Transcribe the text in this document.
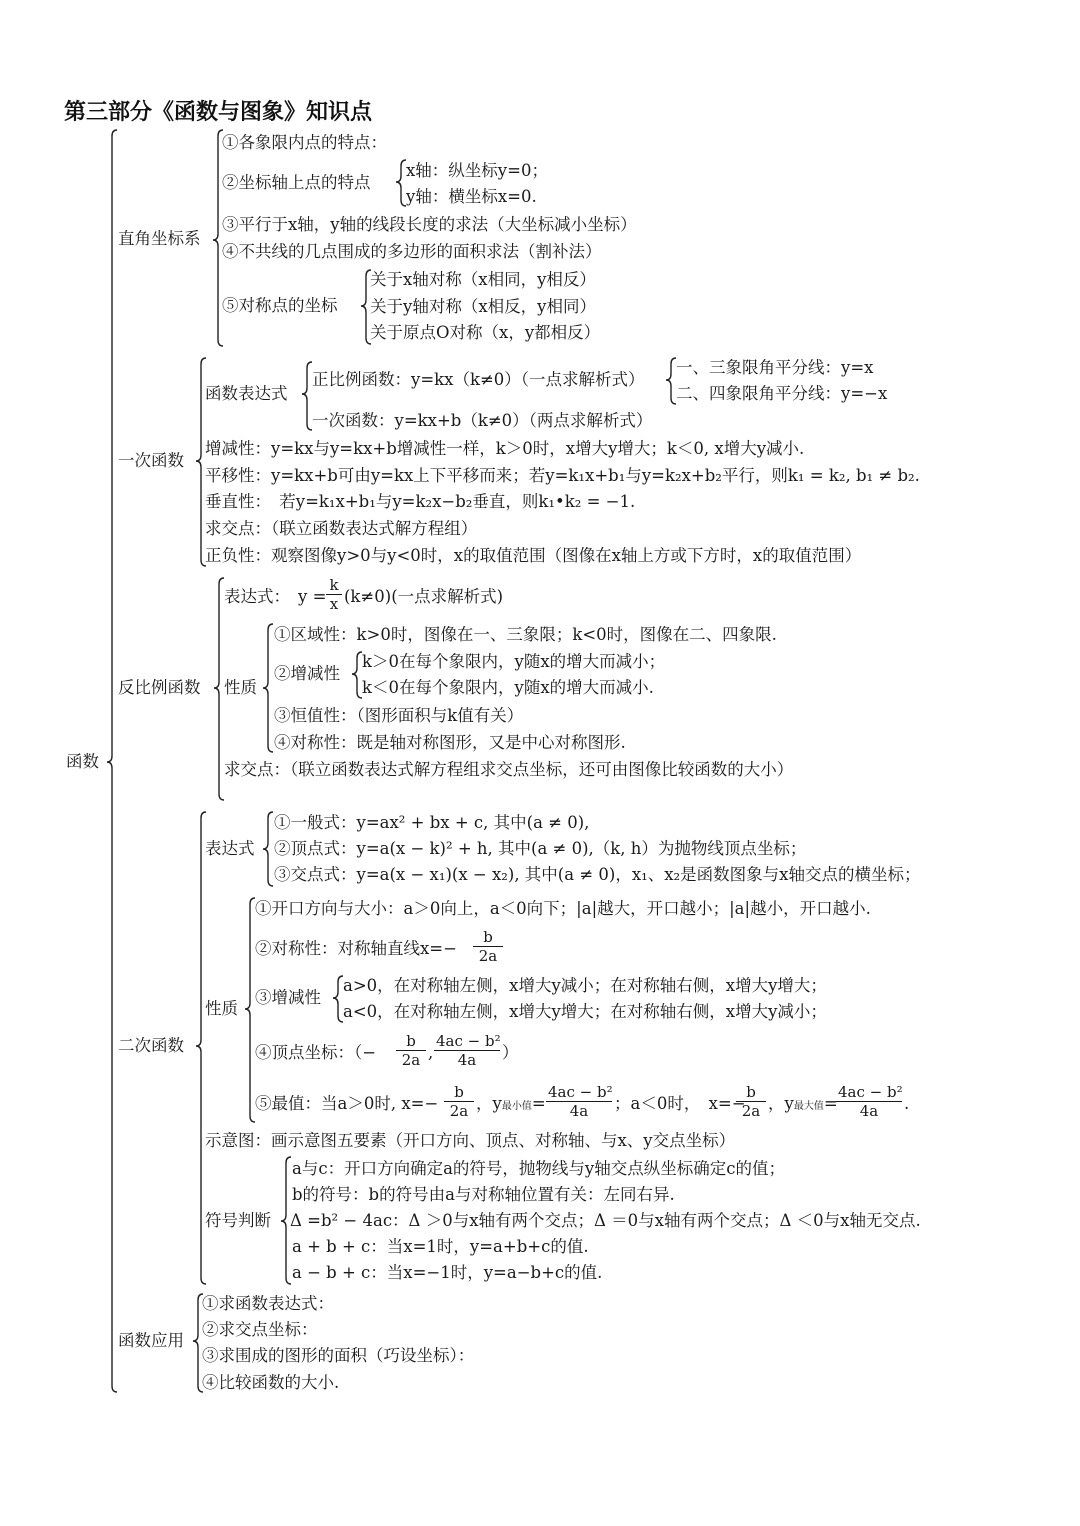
第三部分《函数与图象》知识点
函数
直角坐标系
①各象限内点的特点：
②坐标轴上点的特点
x轴：纵坐标y=0；
y轴：横坐标x=0.
③平行于x轴，y轴的线段长度的求法（大坐标减小坐标）
④不共线的几点围成的多边形的面积求法（割补法）
⑤对称点的坐标
关于x轴对称（x相同，y相反）
关于y轴对称（x相反，y相同）
关于原点O对称（x，y都相反）
一次函数
函数表达式
正比例函数：y=kx（k≠0）（一点求解析式）
一、三象限角平分线：y=x
二、四象限角平分线：y=−x
一次函数：y=kx+b（k≠0）（两点求解析式）
增减性：y=kx与y=kx+b增减性一样，k＞0时，x增大y增大；k＜0, x增大y减小.
平移性：y=kx+b可由y=kx上下平移而来；若y=k₁x+b₁与y=k₂x+b₂平行，则k₁ = k₂, b₁ ≠ b₂.
垂直性：　若y=k₁x+b₁与y=k₂x−b₂垂直，则k₁•k₂ = −1.
求交点：（联立函数表达式解方程组）
正负性：观察图像y>0与y<0时，x的取值范围（图像在x轴上方或下方时，x的取值范围）
反比例函数
表达式： $y = \frac{k}{x} (k\ne 0)$(一点求解析式)
性质
①区域性：k>0时，图像在一、三象限；k<0时，图像在二、四象限.
②增减性
k＞0在每个象限内，y随x的增大而减小；
k＜0在每个象限内，y随x的增大而减小.
③恒值性：（图形面积与k值有关）
④对称性：既是轴对称图形，又是中心对称图形.
求交点：（联立函数表达式解方程组求交点坐标，还可由图像比较函数的大小）
二次函数
表达式
①一般式：y=ax² + bx + c, 其中(a ≠ 0),
②顶点式：y=a(x − k)² + h, 其中(a ≠ 0),（k, h）为抛物线顶点坐标；
③交点式：y=a(x − x₁)(x − x₂), 其中(a ≠ 0)，x₁、x₂是函数图象与x轴交点的横坐标；
性质
①开口方向与大小：a＞0向上，a＜0向下；|a|越大，开口越小；|a|越小，开口越小.
②对称性：对称轴直线$x=- \frac{b}{2a}$
③增减性
a>0，在对称轴左侧，x增大y减小；在对称轴右侧，x增大y增大；
a<0，在对称轴左侧，x增大y增大；在对称轴右侧，x增大y减小；
④顶点坐标：（− $\frac{b}{2a}$ , $\frac{\text{4ac − b²}}{4a}$ ）
⑤最值：当a＞0时, $x=- \frac{b}{2a}$ ，y最小值= $\frac{\text{4ac − b²}}{4a}$ ；a＜0时，　x=−
$\frac{b}{2a}$ ，y最大值=
$\frac{\text{4ac − b²}}{4a}$ .
示意图：画示意图五要素（开口方向、顶点、对称轴、与x、y交点坐标）
符号判断
a与c：开口方向确定a的符号，抛物线与y轴交点纵坐标确定c的值；
b的符号：b的符号由a与对称轴位置有关：左同右异.
Δ =b² − 4ac：Δ ＞0与x轴有两个交点；Δ ＝0与x轴有两个交点；Δ ＜0与x轴无交点.
a + b + c：当x=1时，y=a+b+c的值.
a − b + c：当x=−1时，y=a−b+c的值.
函数应用
①求函数表达式：
②求交点坐标：
③求围成的图形的面积（巧设坐标）：
④比较函数的大小.
